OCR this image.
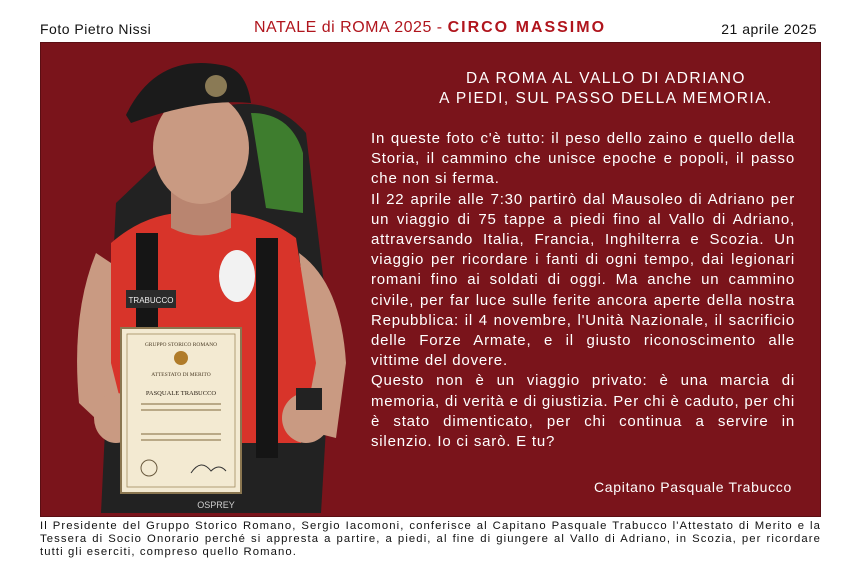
Foto Pietro Nissi	NATALE di ROMA 2025 - CIRCO MASSIMO	21 aprile 2025
TRABUCCO
GRUPPO STORICO ROMANO
ATTESTATO DI MERITO
PASQUALE TRABUCCO
OSPREY
DA ROMA AL VALLO DI ADRIANO
A PIEDI, SUL PASSO DELLA MEMORIA.

In queste foto c'è tutto: il peso dello zaino e quello della Storia, il cammino che unisce epoche e popoli, il passo che non si ferma.

Il 22 aprile alle 7:30 partirò dal Mausoleo di Adriano per un viaggio di 75 tappe a piedi fino al Vallo di Adriano, attraversando Italia, Francia, Inghilterra e Scozia. Un viaggio per ricordare i fanti di ogni tempo, dai legionari romani fino ai soldati di oggi. Ma anche un cammino civile, per far luce sulle ferite ancora aperte della nostra Repubblica: il 4 novembre, l'Unità Nazionale, il sacrificio delle Forze Armate, e il giusto riconoscimento alle vittime del dovere.

Questo non è un viaggio privato: è una marcia di memoria, di verità e di giustizia. Per chi è caduto, per chi è stato dimenticato, per chi continua a servire in silenzio. Io ci sarò. E tu?

Capitano Pasquale Trabucco

Il Presidente del Gruppo Storico Romano, Sergio Iacomoni, conferisce al Capitano Pasquale Trabucco l'Attestato di Merito e la Tessera di Socio Onorario perché si appresta a partire, a piedi, al fine di giungere al Vallo di Adriano, in Scozia, per ricordare tutti gli eserciti, compreso quello Romano.
